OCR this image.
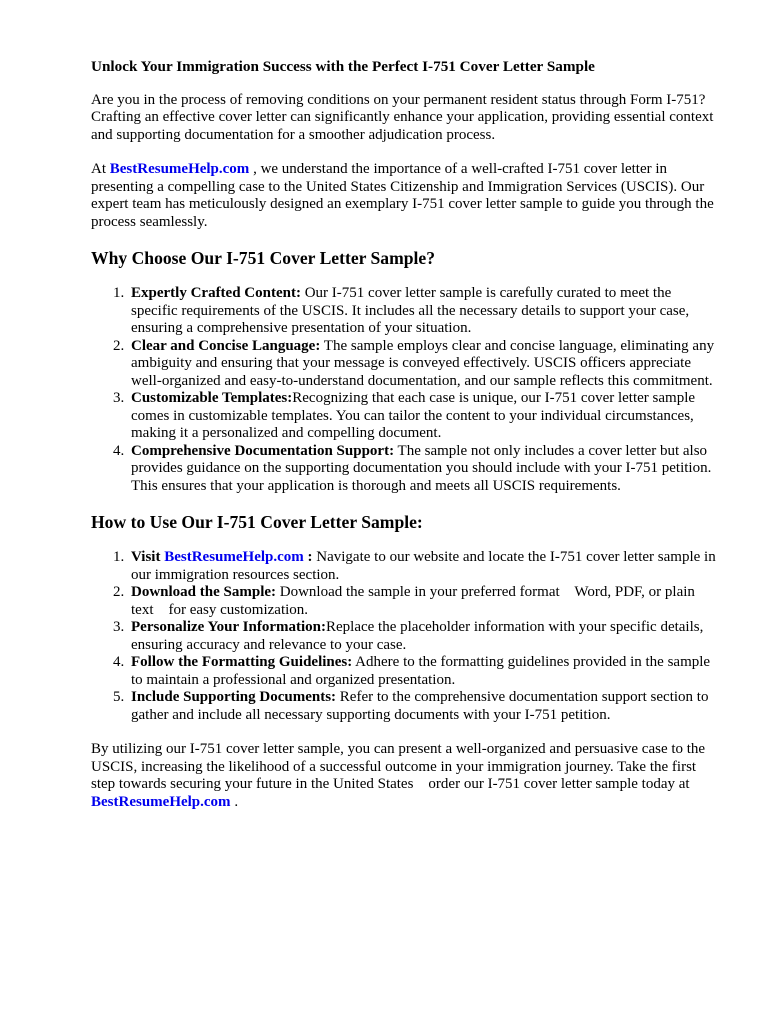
Unlock Your Immigration Success with the Perfect I-751 Cover Letter Sample

Are you in the process of removing conditions on your permanent resident status through Form I-751? Crafting an effective cover letter can significantly enhance your application, providing essential context and supporting documentation for a smoother adjudication process.

At BestResumeHelp.com , we understand the importance of a well-crafted I-751 cover letter in presenting a compelling case to the United States Citizenship and Immigration Services (USCIS). Our expert team has meticulously designed an exemplary I-751 cover letter sample to guide you through the process seamlessly.

Why Choose Our I-751 Cover Letter Sample?
1. Expertly Crafted Content: Our I-751 cover letter sample is carefully curated to meet the specific requirements of the USCIS. It includes all the necessary details to support your case, ensuring a comprehensive presentation of your situation.
2. Clear and Concise Language: The sample employs clear and concise language, eliminating any ambiguity and ensuring that your message is conveyed effectively. USCIS officers appreciate well-organized and easy-to-understand documentation, and our sample reflects this commitment.
3. Customizable Templates:Recognizing that each case is unique, our I-751 cover letter sample comes in customizable templates. You can tailor the content to your individual circumstances, making it a personalized and compelling document.
4. Comprehensive Documentation Support: The sample not only includes a cover letter but also provides guidance on the supporting documentation you should include with your I-751 petition. This ensures that your application is thorough and meets all USCIS requirements.
How to Use Our I-751 Cover Letter Sample:
1. Visit BestResumeHelp.com : Navigate to our website and locate the I-751 cover letter sample in our immigration resources section.
2. Download the Sample: Download the sample in your preferred format    Word, PDF, or plain text    for easy customization.
3. Personalize Your Information:Replace the placeholder information with your specific details, ensuring accuracy and relevance to your case.
4. Follow the Formatting Guidelines: Adhere to the formatting guidelines provided in the sample to maintain a professional and organized presentation.
5. Include Supporting Documents: Refer to the comprehensive documentation support section to gather and include all necessary supporting documents with your I-751 petition.

By utilizing our I-751 cover letter sample, you can present a well-organized and persuasive case to the USCIS, increasing the likelihood of a successful outcome in your immigration journey. Take the first step towards securing your future in the United States    order our I-751 cover letter sample today at BestResumeHelp.com .
